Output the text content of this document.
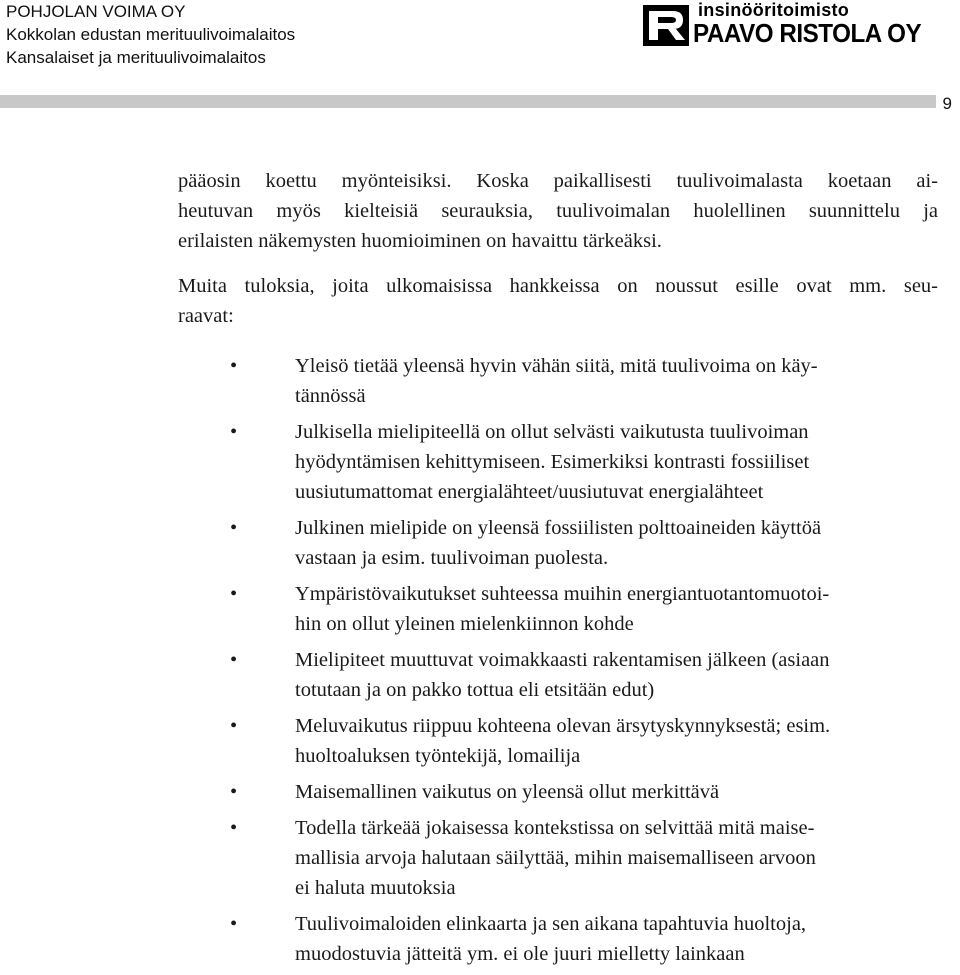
POHJOLAN VOIMA OY
Kokkolan edustan merituulivoimalaitos
Kansalaiset ja merituulivoimalaitos
insinööritoimisto
PAAVO RISTOLA OY
9

pääosin koettu myönteisiksi. Koska paikallisesti tuulivoimalasta koetaan ai-
heutuvan myös kielteisiä seurauksia, tuulivoimalan huolellinen suunnittelu ja
erilaisten näkemysten huomioiminen on havaittu tärkeäksi.

Muita tuloksia, joita ulkomaisissa hankkeissa on noussut esille ovat mm. seu-
raavat:

•	Yleisö tietää yleensä hyvin vähän siitä, mitä tuulivoima on käy-
tännössä
•	Julkisella mielipiteellä on ollut selvästi vaikutusta tuulivoiman
hyödyntämisen kehittymiseen. Esimerkiksi kontrasti fossiiliset
uusiutumattomat energialähteet/uusiutuvat energialähteet
•	Julkinen mielipide on yleensä fossiilisten polttoaineiden käyttöä
vastaan ja esim. tuulivoiman puolesta.
•	Ympäristövaikutukset suhteessa muihin energiantuotantomuotoi-
hin on ollut yleinen mielenkiinnon kohde
•	Mielipiteet muuttuvat voimakkaasti rakentamisen jälkeen (asiaan
totutaan ja on pakko tottua eli etsitään edut)
•	Meluvaikutus riippuu kohteena olevan ärsytyskynnyksestä; esim.
huoltoaluksen työntekijä, lomailija
•	Maisemallinen vaikutus on yleensä ollut merkittävä
•	Todella tärkeää jokaisessa kontekstissa on selvittää mitä maise-
mallisia arvoja halutaan säilyttää, mihin maisemalliseen arvoon
ei haluta muutoksia
•	Tuulivoimaloiden elinkaarta ja sen aikana tapahtuvia huoltoja,
muodostuvia jätteitä ym. ei ole juuri mielletty lainkaan
